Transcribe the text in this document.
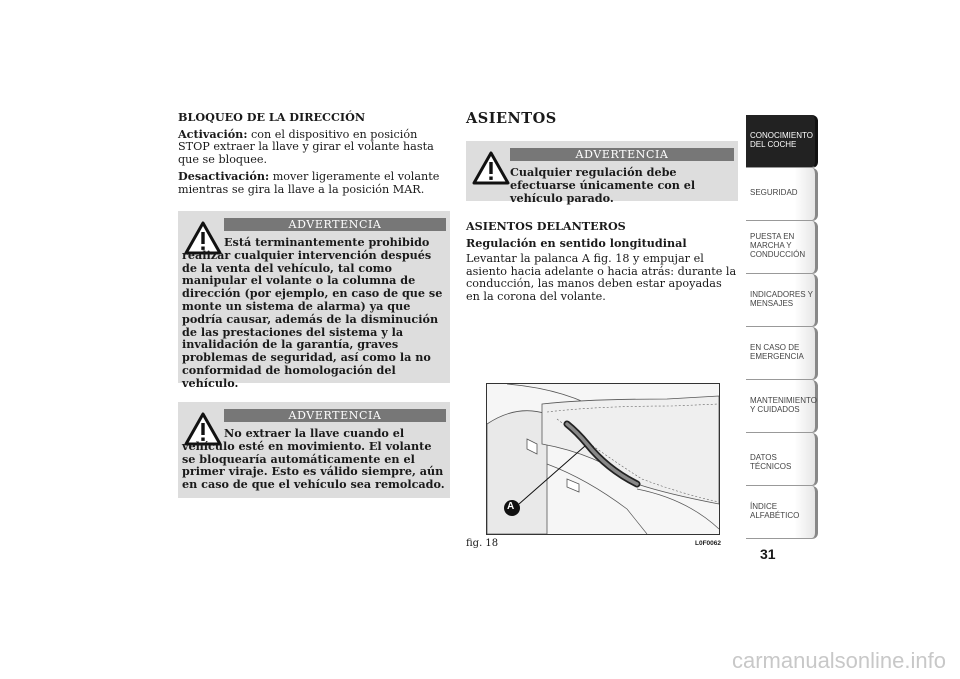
BLOQUEO DE LA DIRECCIÓN

Activación: con el dispositivo en posición STOP extraer la llave y girar el volante hasta que se bloquee.

Desactivación: mover ligeramente el volante mientras se gira la llave a la posición MAR.

ADVERTENCIA
Está terminantemente prohibido realizar cualquier intervención después de la venta del vehículo, tal como manipular el volante o la columna de dirección (por ejemplo, en caso de que se monte un sistema de alarma) ya que podría causar, además de la disminución de las prestaciones del sistema y la invalidación de la garantía, graves problemas de seguridad, así como la no conformidad de homologación del vehículo.
ADVERTENCIA
No extraer la llave cuando el vehículo esté en movimiento. El volante se bloquearía automáticamente en el primer viraje. Esto es válido siempre, aún en caso de que el vehículo sea remolcado.

ASIENTOS

ADVERTENCIA
Cualquier regulación debe efectuarse únicamente con el vehículo parado.

ASIENTOS DELANTEROS

Regulación en sentido longitudinal

Levantar la palanca A fig. 18 y empujar el asiento hacia adelante o hacia atrás: durante la conducción, las manos deben estar apoyadas en la corona del volante.

A
fig. 18	L0F0062
CONOCIMIENTO DEL COCHE
SEGURIDAD
PUESTA EN MARCHA Y CONDUCCIÓN
INDICADORES Y MENSAJES
EN CASO DE EMERGENCIA
MANTENIMIENTO Y CUIDADOS
DATOS TÉCNICOS
ÍNDICE ALFABÉTICO
31
carmanualsonline.info
